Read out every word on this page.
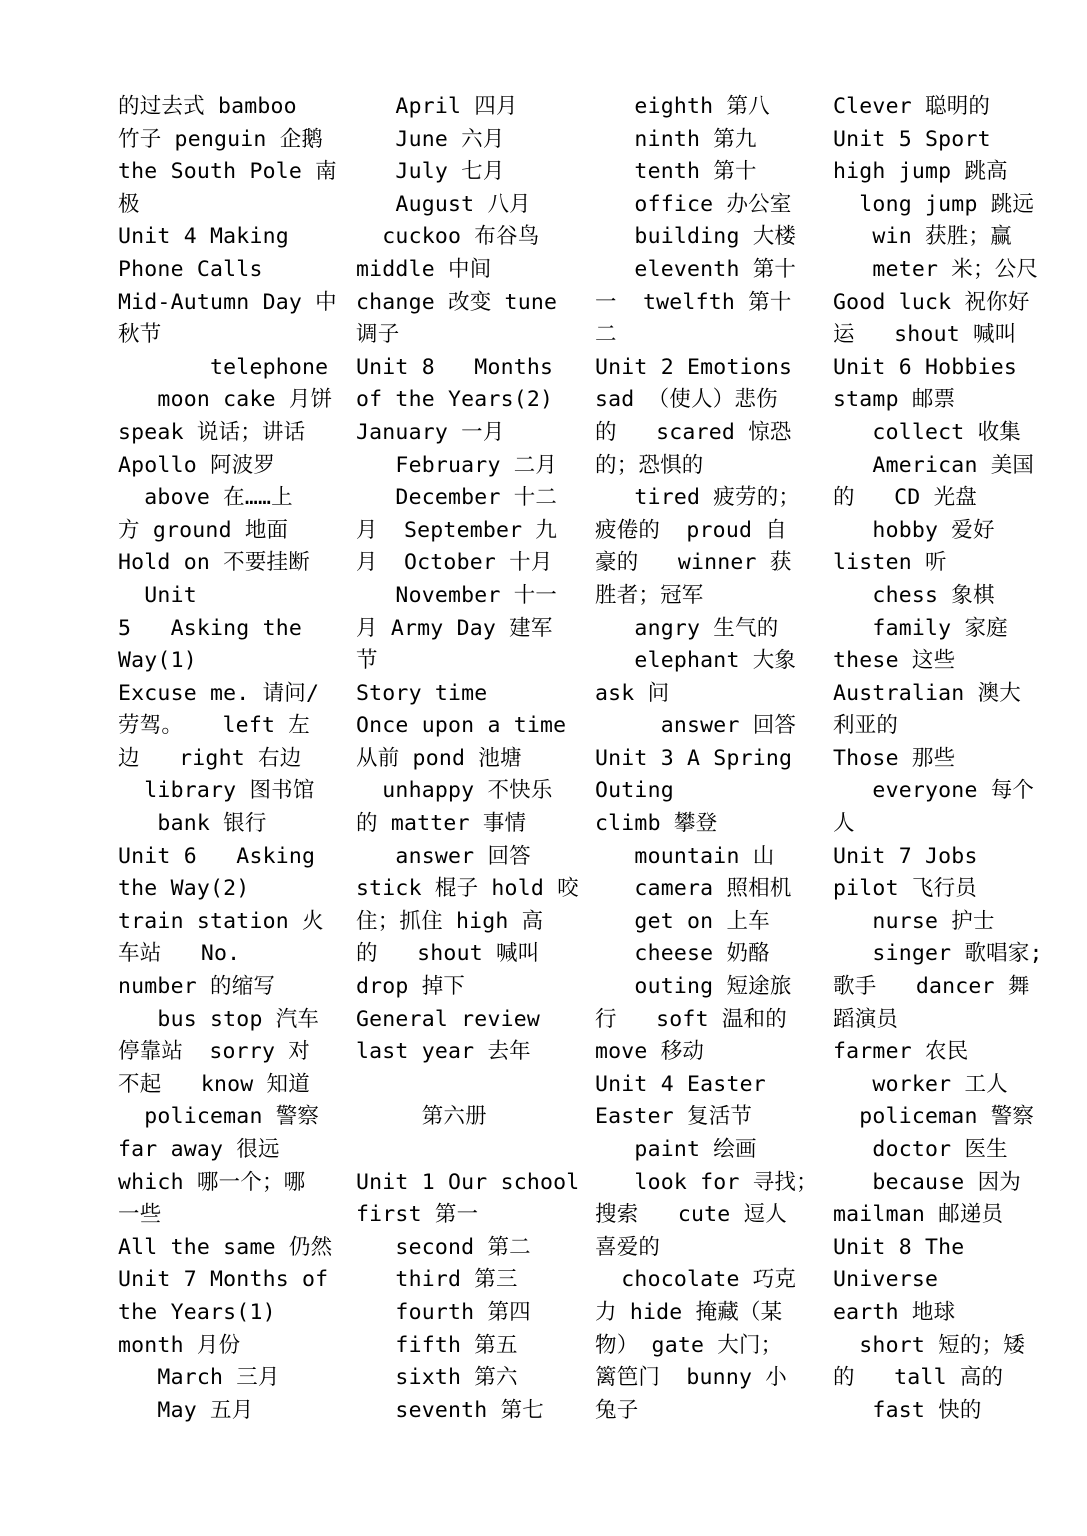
的过去式 bamboo
竹子 penguin 企鹅
the South Pole 南
极
Unit 4 Making
Phone Calls
Mid-Autumn Day 中
秋节
telephone
moon cake 月饼
speak 说话；讲话
Apollo 阿波罗
above 在……上
方 ground 地面
Hold on 不要挂断
Unit
5   Asking the
Way(1)
Excuse me. 请问/
劳驾。   left 左
边   right 右边
library 图书馆
bank 银行
Unit 6   Asking
the Way(2)
train station 火
车站   No.
number 的缩写
bus stop 汽车
停靠站  sorry 对
不起   know 知道
policeman 警察
far away 很远
which 哪一个；哪
一些
All the same 仍然
Unit 7 Months of
the Years(1)
month 月份
March 三月
May 五月
April 四月
June 六月
July 七月
August 八月
cuckoo 布谷鸟
middle 中间
change 改变 tune
调子
Unit 8   Months
of the Years(2)
January 一月
February 二月
December 十二
月  September 九
月  October 十月
November 十一
月 Army Day 建军
节
Story time
Once upon a time
从前 pond 池塘
unhappy 不快乐
的 matter 事情
answer 回答
stick 棍子 hold 咬
住；抓住 high 高
的   shout 喊叫
drop 掉下
General review
last year 去年
第六册
Unit 1 Our school
first 第一
second 第二
third 第三
fourth 第四
fifth 第五
sixth 第六
seventh 第七
eighth 第八
ninth 第九
tenth 第十
office 办公室
building 大楼
eleventh 第十
一  twelfth 第十
二
Unit 2 Emotions
sad （使人）悲伤
的   scared 惊恐
的；恐惧的
tired 疲劳的；
疲倦的  proud 自
豪的   winner 获
胜者；冠军
angry 生气的
elephant 大象
ask 问
answer 回答
Unit 3 A Spring
Outing
climb 攀登
mountain 山
camera 照相机
get on 上车
cheese 奶酪
outing 短途旅
行   soft 温和的
move 移动
Unit 4 Easter
Easter 复活节
paint 绘画
look for 寻找；
搜索   cute 逗人
喜爱的
chocolate 巧克
力 hide 掩藏（某
物） gate 大门；
篱笆门  bunny 小
兔子
Clever 聪明的
Unit 5 Sport
high jump 跳高
long jump 跳远
win 获胜；赢
meter 米；公尺
Good luck 祝你好
运   shout 喊叫
Unit 6 Hobbies
stamp 邮票
collect 收集
American 美国
的   CD 光盘
hobby 爱好
listen 听
chess 象棋
family 家庭
these 这些
Australian 澳大
利亚的
Those 那些
everyone 每个
人
Unit 7 Jobs
pilot 飞行员
nurse 护士
singer 歌唱家;
歌手   dancer 舞
蹈演员
farmer 农民
worker 工人
policeman 警察
doctor 医生
because 因为
mailman 邮递员
Unit 8 The
Universe
earth 地球
short 短的；矮
的   tall 高的
fast 快的
